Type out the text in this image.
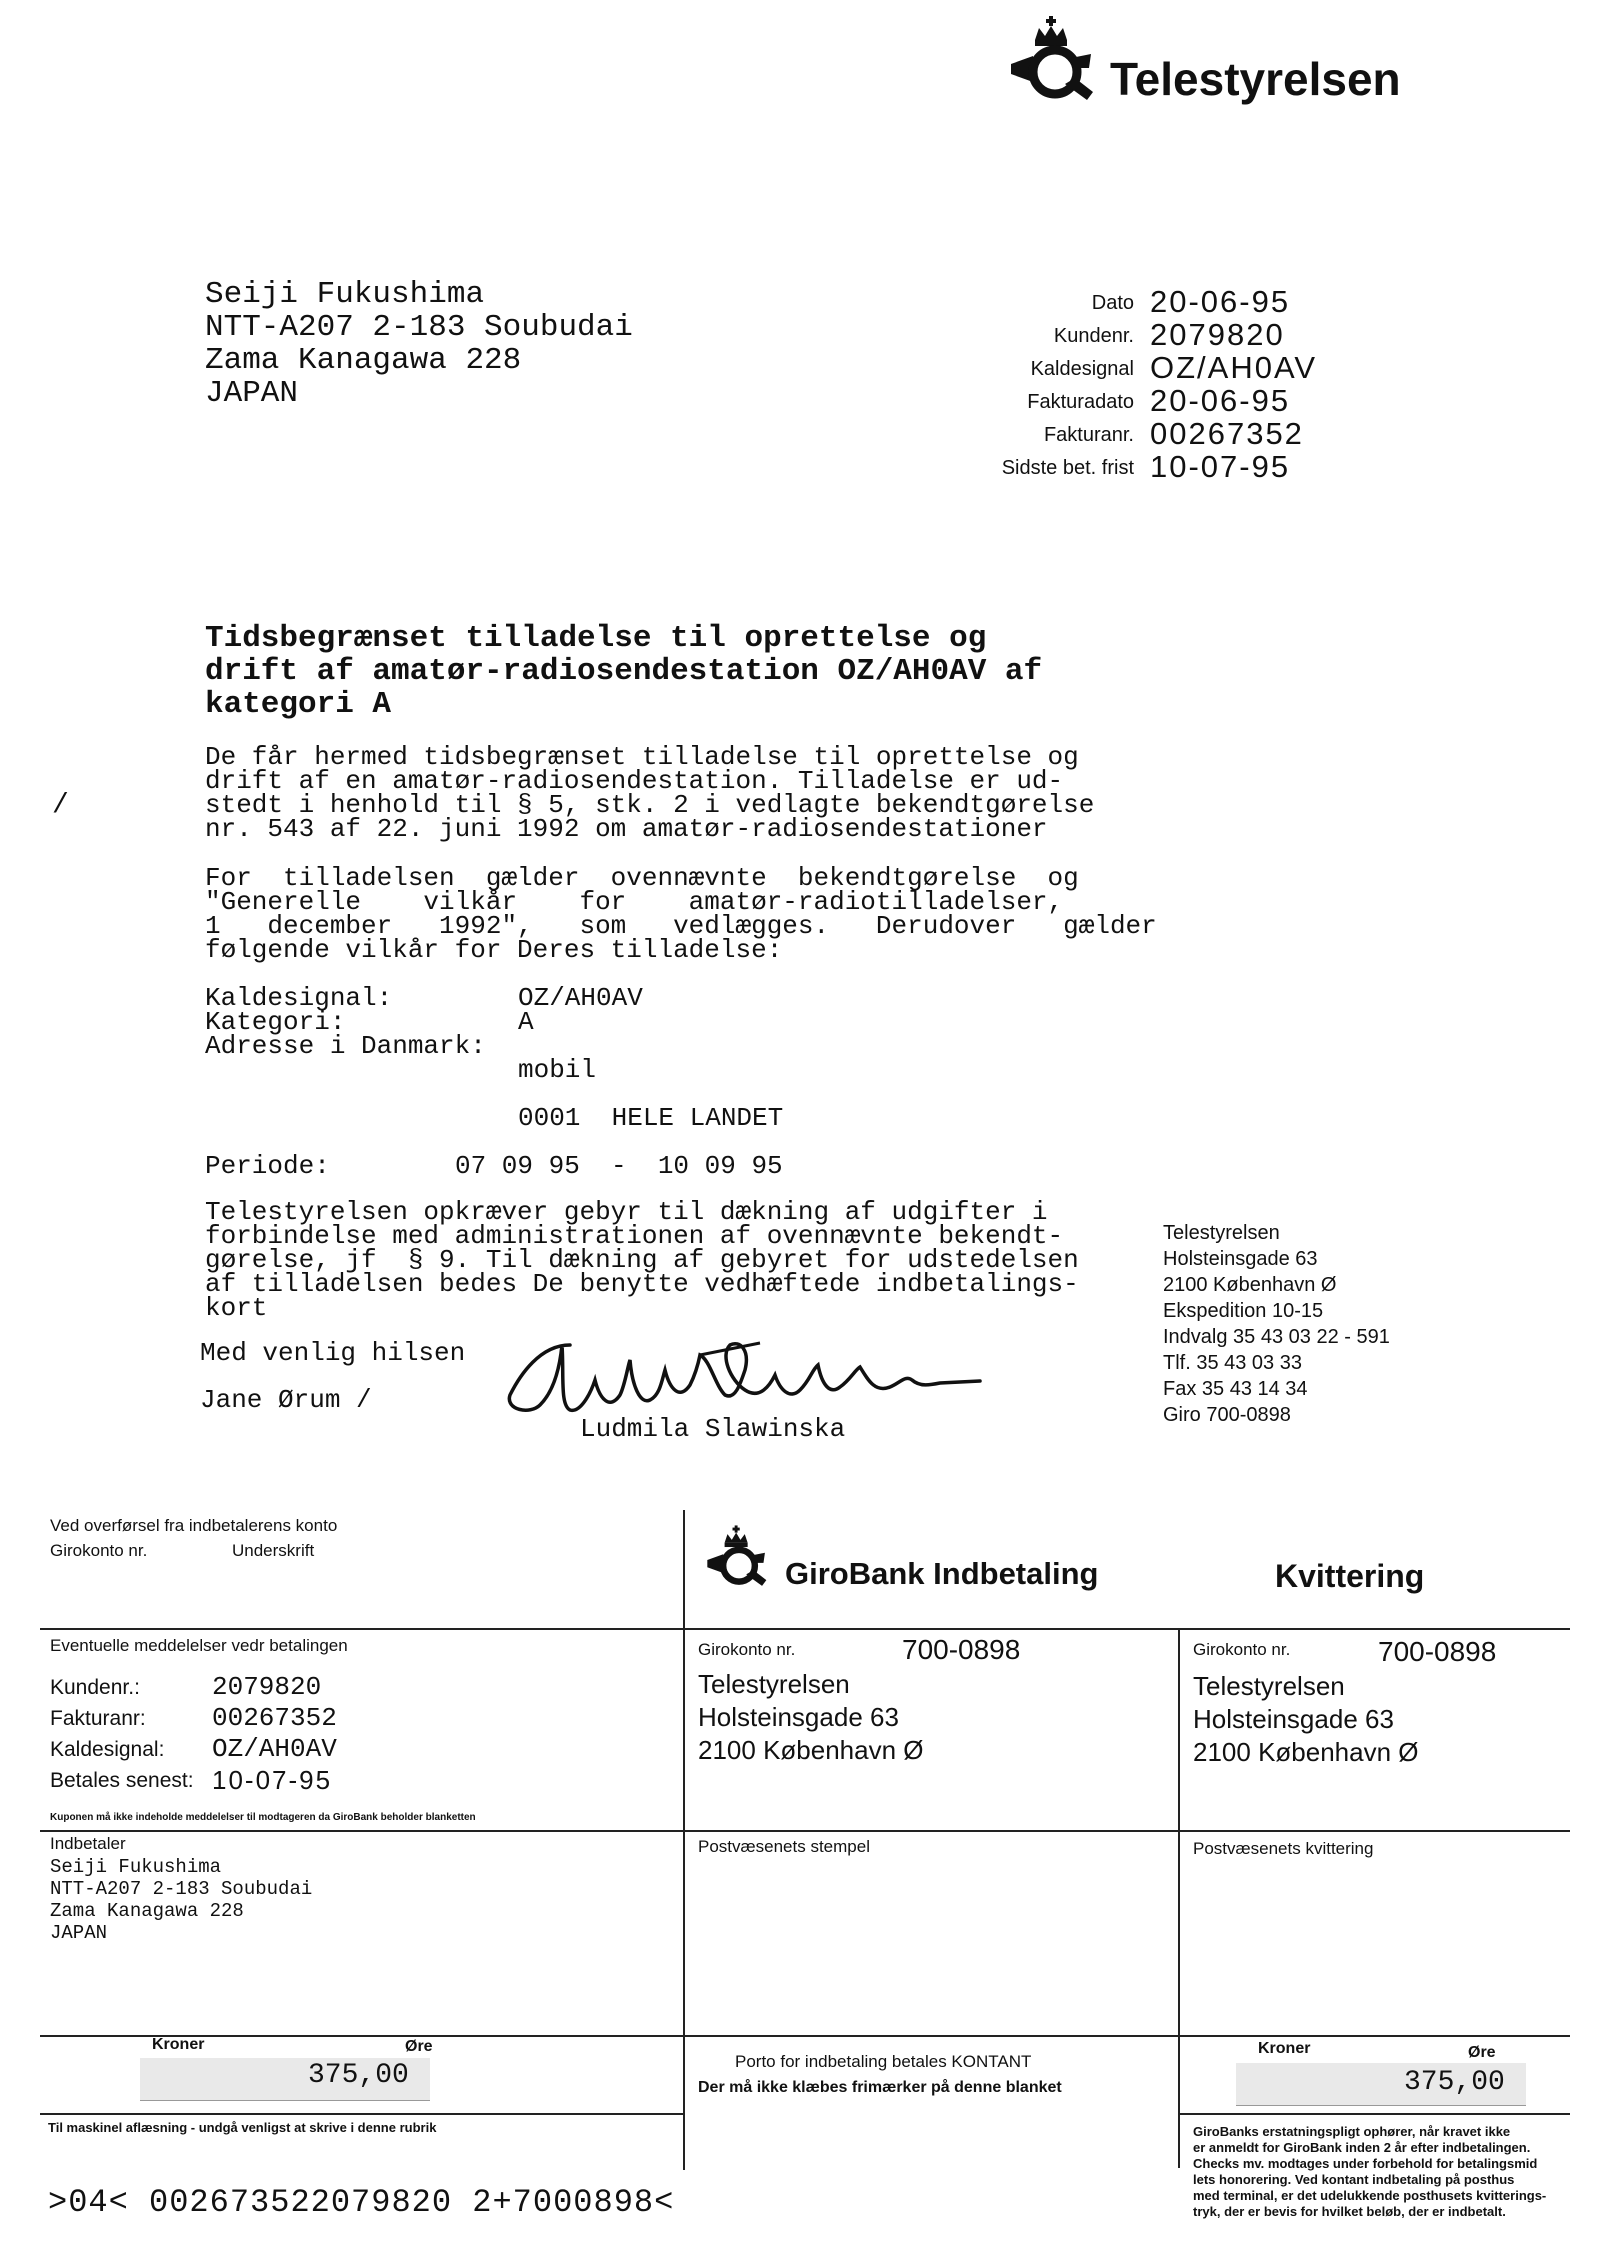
Telestyrelsen

Seiji Fukushima

NTT-A207 2-183 Soubudai

Zama Kanagawa 228

JAPAN

Dato 20-06-95
Kundenr. 2079820
Kaldesignal OZ/AH0AV
Fakturadato 20-06-95
Fakturanr. 00267352
Sidste bet. frist 10-07-95

Tidsbegrænset tilladelse til oprettelse og

drift af amatør-radiosendestation OZ/AH0AV af

kategori A

/

De får hermed tidsbegrænset tilladelse til oprettelse og

drift af en amatør-radiosendestation. Tilladelse er ud-

stedt i henhold til § 5, stk. 2 i vedlagte bekendtgørelse

nr. 543 af 22. juni 1992 om amatør-radiosendestationer

For  tilladelsen  gælder  ovennævnte  bekendtgørelse  og

"Generelle    vilkår    for    amatør-radiotilladelser,

1   december   1992",   som   vedlægges.   Derudover   gælder

følgende vilkår for Deres tilladelse:

Kaldesignal:	OZ/AH0AV
Kategori:	A
Adresse i Danmark:
mobil
0001  HELE LANDET
Periode:	07 09 95  -  10 09 95

Telestyrelsen opkræver gebyr til dækning af udgifter i

forbindelse med administrationen af ovennævnte bekendt-

gørelse, jf  § 9. Til dækning af gebyret for udstedelsen

af tilladelsen bedes De benytte vedhæftede indbetalings-

kort

Med venlig hilsen
Jane Ørum /
Ludmila Slawinska

Telestyrelsen

Holsteinsgade 63

2100 København Ø

Ekspedition 10-15

Indvalg 35 43 03 22 - 591

Tlf. 35 43 03 33

Fax 35 43 14 34

Giro 700-0898

Ved overførsel fra indbetalerens konto
Girokonto nr.	Underskrift
GiroBank Indbetaling	Kvittering
Eventuelle meddelelser vedr betalingen
Kundenr.:	2079820
Fakturanr:	00267352
Kaldesignal: OZ/AH0AV
Betales senest: 10-07-95
Kuponen må ikke indeholde meddelelser til modtageren da GiroBank beholder blanketten
Indbetaler

Seiji Fukushima

NTT-A207 2-183 Soubudai

Zama Kanagawa 228

JAPAN

Girokonto nr.	700-0898

Telestyrelsen

Holsteinsgade 63

2100 København Ø

Girokonto nr.	700-0898

Telestyrelsen

Holsteinsgade 63

2100 København Ø

Postvæsenets stempel	Postvæsenets kvittering
Kroner	Øre
375,00	Porto for indbetaling betales KONTANT
Der må ikke klæbes frimærker på denne blanket
Kroner	Øre
375,00
Til maskinel aflæsning - undgå venligst at skrive i denne rubrik
>04< 002673522079820 2+7000898<

GiroBanks erstatningspligt ophører, når kravet ikke

er anmeldt for GiroBank inden 2 år efter indbetalingen.

Checks mv. modtages under forbehold for betalingsmid

lets honorering. Ved kontant indbetaling på posthus

med terminal, er det udelukkende posthusets kvitterings-

tryk, der er bevis for hvilket beløb, der er indbetalt.
